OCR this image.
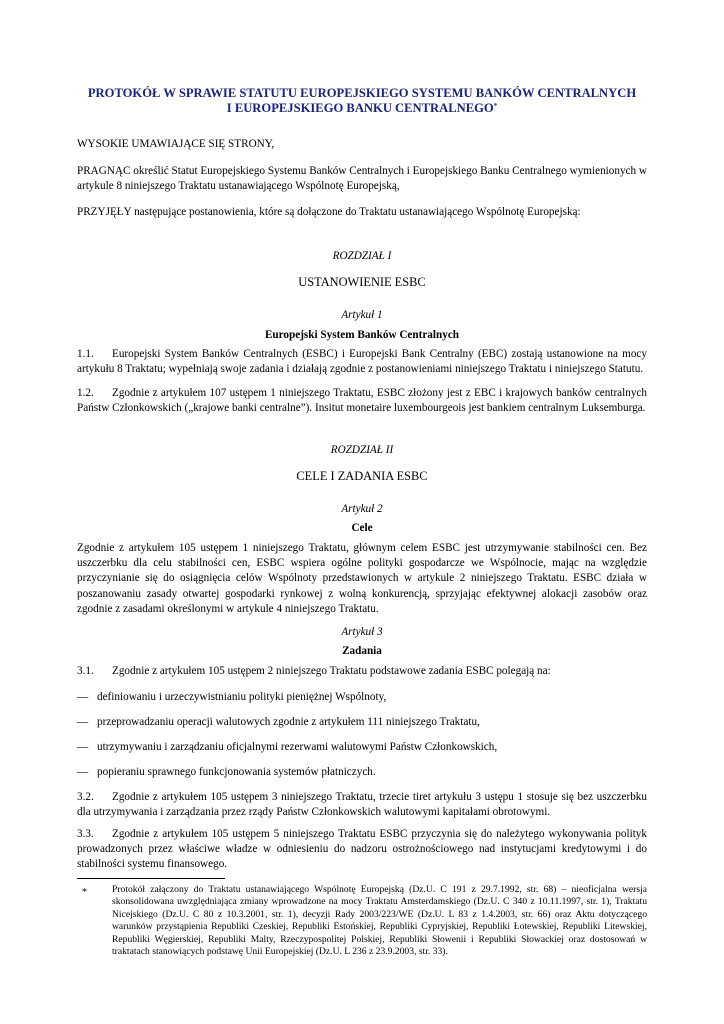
PROTOKÓŁ W SPRAWIE STATUTU EUROPEJSKIEGO SYSTEMU BANKÓW CENTRALNYCH
I EUROPEJSKIEGO BANKU CENTRALNEGO*
WYSOKIE UMAWIAJĄCE SIĘ STRONY,
PRAGNĄC określić Statut Europejskiego Systemu Banków Centralnych i Europejskiego Banku Centralnego wymienionych w artykule 8 niniejszego Traktatu ustanawiającego Wspólnotę Europejską,
PRZYJĘŁY następujące postanowienia, które są dołączone do Traktatu ustanawiającego Wspólnotę Europejską:
ROZDZIAŁ I
USTANOWIENIE ESBC
Artykuł 1
Europejski System Banków Centralnych
1.1. Europejski System Banków Centralnych (ESBC) i Europejski Bank Centralny (EBC) zostają ustanowione na mocy artykułu 8 Traktatu; wypełniają swoje zadania i działają zgodnie z postanowieniami niniejszego Traktatu i niniejszego Statutu.
1.2. Zgodnie z artykułem 107 ustępem 1 niniejszego Traktatu, ESBC złożony jest z EBC i krajowych banków centralnych Państw Członkowskich („krajowe banki centralne”). Insitut monetaire luxembourgeois jest bankiem centralnym Luksemburga.
ROZDZIAŁ II
CELE I ZADANIA ESBC
Artykuł 2
Cele
Zgodnie z artykułem 105 ustępem 1 niniejszego Traktatu, głównym celem ESBC jest utrzymywanie stabilności cen. Bez uszczerbku dla celu stabilności cen, ESBC wspiera ogólne polityki gospodarcze we Wspólnocie, mając na względzie przyczynianie się do osiągnięcia celów Wspólnoty przedstawionych w artykule 2 niniejszego Traktatu. ESBC działa w poszanowaniu zasady otwartej gospodarki rynkowej z wolną konkurencją, sprzyjając efektywnej alokacji zasobów oraz zgodnie z zasadami określonymi w artykule 4 niniejszego Traktatu.
Artykuł 3
Zadania
3.1. Zgodnie z artykułem 105 ustępem 2 niniejszego Traktatu podstawowe zadania ESBC polegają na:
— definiowaniu i urzeczywistnianiu polityki pieniężnej Wspólnoty,
— przeprowadzaniu operacji walutowych zgodnie z artykułem 111 niniejszego Traktatu,
— utrzymywaniu i zarządzaniu oficjalnymi rezerwami walutowymi Państw Członkowskich,
— popieraniu sprawnego funkcjonowania systemów płatniczych.
3.2. Zgodnie z artykułem 105 ustępem 3 niniejszego Traktatu, trzecie tiret artykułu 3 ustępu 1 stosuje się bez uszczerbku dla utrzymywania i zarządzania przez rządy Państw Członkowskich walutowymi kapitałami obrotowymi.
3.3. Zgodnie z artykułem 105 ustępem 5 niniejszego Traktatu ESBC przyczynia się do należytego wykonywania polityk prowadzonych przez właściwe władze w odniesieniu do nadzoru ostrożnościowego nad instytucjami kredytowymi i do stabilności systemu finansowego.
*	Protokół załączony do Traktatu ustanawiającego Wspólnotę Europejską (Dz.U. C 191 z 29.7.1992, str. 68) – nieoficjalna wersja skonsolidowana uwzględniająca zmiany wprowadzone na mocy Traktatu Amsterdamskiego (Dz.U. C 340 z 10.11.1997, str. 1), Traktatu Nicejskiego (Dz.U. C 80 z 10.3.2001, str. 1), decyzji Rady 2003/223/WE (Dz.U. L 83 z 1.4.2003, str. 66) oraz Aktu dotyczącego warunków przystąpienia Republiki Czeskiej, Republiki Estońskiej, Republiki Cypryjskiej, Republiki Łotewskiej, Republiki Litewskiej, Republiki Węgierskiej, Republiki Malty, Rzeczypospolitej Polskiej, Republiki Słowenii i Republiki Słowackiej oraz dostosowań w traktatach stanowiących podstawę Unii Europejskiej (Dz.U. L 236 z 23.9.2003, str. 33).
